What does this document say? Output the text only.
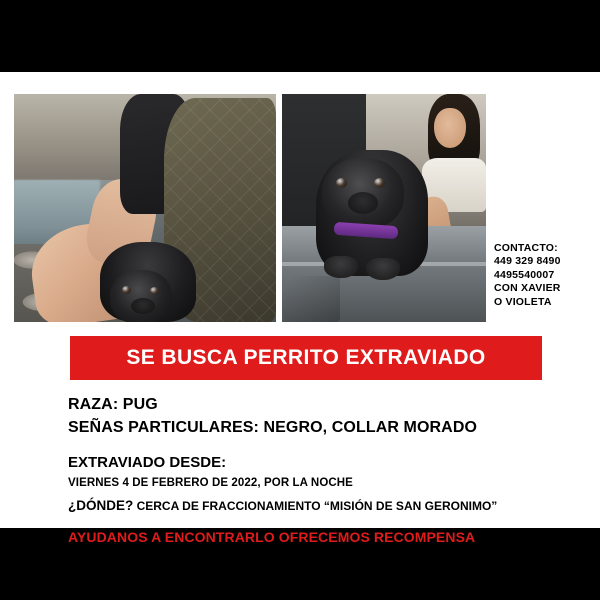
CONTACTO:
449 329 8490
4495540007
CON XAVIER
O VIOLETA
SE BUSCA PERRITO EXTRAVIADO
RAZA: PUG
SEÑAS PARTICULARES: NEGRO, COLLAR MORADO
EXTRAVIADO DESDE:
VIERNES 4 DE FEBRERO DE 2022, POR LA NOCHE
¿DÓNDE? CERCA DE FRACCIONAMIENTO “MISIÓN DE SAN GERONIMO”
AYUDANOS A ENCONTRARLO OFRECEMOS RECOMPENSA
Aguascalientes, Aguascalientes.
